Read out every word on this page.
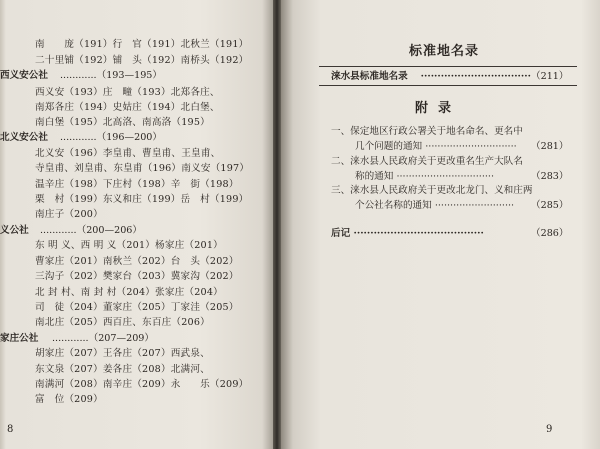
南　　庞（191）行　官（191）北秋兰（191）
二十里铺（192）铺　头（192）南桥头（192）
西义安公社 ............（193—195）
西义安（193）庄　疃（193）北郑各庄、
南郑各庄（194）史姑庄（194）北白堡、
南白堡（195）北高洛、南高洛（195）
北义安公社 ............（196—200）
北义安（196）李皇甫、曹皇甫、王皇甫、
寺皇甫、刘皇甫、东皇甫（196）南义安（197）
温辛庄（198）下庄村（198）辛　街（198）
栗　村（199）东义和庄（199）岳　村（199）
南庄子（200）
义公社 ............（200—206）
东 明 义、西 明 义（201）杨家庄（201）
曹家庄（201）南秋兰（202）台　头（202）
三沟子（202）樊家台（203）冀家沟（202）
北 封 村、南 封 村（204）张家庄（204）
司　徒（204）董家庄（205）丁家洼（205）
南北庄（205）西百庄、东百庄（206）
家庄公社 ............（207—209）
胡家庄（207）王各庄（207）西武泉、
东文泉（207）姜各庄（208）北满河、
南满河（208）南辛庄（209）永　　乐（209）
富　位（209）
8
标准地名录
涞水县标准地名录 　································· （211）
附录
一、保定地区行政公署关于地名命名、更名中
几个问题的通知 ······························ （281）
二、涞水县人民政府关于更改重名生产大队名
称的通知 ································	（283）
三、涞水县人民政府关于更改北龙门、义和庄两
个公社名称的通知 ·························· （285）
后记 ·······································	（286）
9
